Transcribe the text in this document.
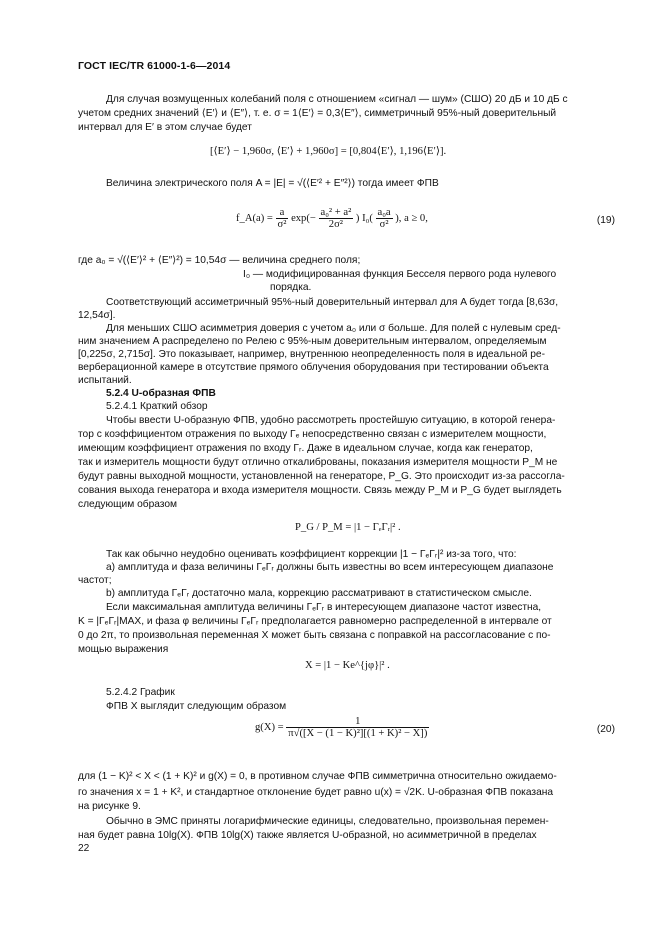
ГОСТ IEC/TR 61000-1-6—2014
Для случая возмущенных колебаний поля с отношением «сигнал — шум» (СШО) 20 дБ и 10 дБ с
учетом средних значений ⟨E′⟩ и ⟨E″⟩, т. е. σ = 1⟨E′⟩ = 0,3⟨E″⟩, симметричный 95%-ный доверительный
интервал для E′ в этом случае будет
[⟨E′⟩ − 1,960σ, ⟨E′⟩ + 1,960σ] = [0,804⟨E′⟩, 1,196⟨E′⟩].
Величина электрического поля A = |E| = √(⟨E′² + E″²⟩) тогда имеет ФПВ
f_A(a) = $\frac{a}{\text{σ²}} \exp(- \frac{\text{a₀² + a²}}{\text{2σ²}}$ ) $I_0( \frac{\text{a₀a}}{\text{σ²}}$ ), a ≥ 0,	(19)
где a₀ = √(⟨E′⟩² + ⟨E″⟩²) = 10,54σ — величина среднего поля;
I₀ — модифицированная функция Бесселя первого рода нулевого
порядка.
Соответствующий ассиметричный 95%-ный доверительный интервал для A будет тогда [8,63σ,
12,54σ].
Для меньших СШО асимметрия доверия с учетом a₀ или σ больше. Для полей с нулевым сред-
ним значением A распределено по Релею с 95%-ным доверительным интервалом, определяемым
[0,225σ, 2,715σ]. Это показывает, например, внутреннюю неопределенность поля в идеальной ре-
верберационной камере в отсутствие прямого облучения оборудования при тестировании объекта
испытаний.
5.2.4 U-образная ФПВ
5.2.4.1 Краткий обзор
Чтобы ввести U-образную ФПВ, удобно рассмотреть простейшую ситуацию, в которой генера-
тор с коэффициентом отражения по выходу Γₑ непосредственно связан с измерителем мощности,
имеющим коэффициент отражения по входу Γᵣ. Даже в идеальном случае, когда как генератор,
так и измеритель мощности будут отлично откалиброваны, показания измерителя мощности P_M не
будут равны выходной мощности, установленной на генераторе, P_G. Это происходит из-за рассогла-
сования выхода генератора и входа измерителя мощности. Связь между P_M и P_G будет выглядеть
следующим образом
P_G / P_M = |1 − ΓₑΓᵣ|² .
Так как обычно неудобно оценивать коэффициент коррекции |1 − ΓₑΓᵣ|² из-за того, что:
а) амплитуда и фаза величины ΓₑΓᵣ должны быть известны во всем интересующем диапазоне
частот;
b) амплитуда ΓₑΓᵣ достаточно мала, коррекцию рассматривают в статистическом смысле.
Если максимальная амплитуда величины ΓₑΓᵣ в интересующем диапазоне частот известна,
K = |ΓₑΓᵣ|MAX, и фаза φ величины ΓₑΓᵣ предполагается равномерно распределенной в интервале от
0 до 2π, то произвольная переменная X может быть связана с поправкой на рассогласование с по-
мощью выражения
X = |1 − Ke^{jφ}|² .
5.2.4.2 График
ФПВ X выглядит следующим образом
$g(X) = \frac{1}{\text{π√([X − (1 − K)²][(1 + K)² − X])}}$	(20)
для (1 − K)² < X < (1 + K)² и g(X) = 0, в противном случае ФПВ симметрична относительно ожидаемо-
го значения x = 1 + K², и стандартное отклонение будет равно u(x) = √2K. U-образная ФПВ показана
на рисунке 9.
Обычно в ЭМС приняты логарифмические единицы, следовательно, произвольная перемен-
ная будет равна 10lg(X). ФПВ 10lg(X) также является U-образной, но асимметричной в пределах
22
